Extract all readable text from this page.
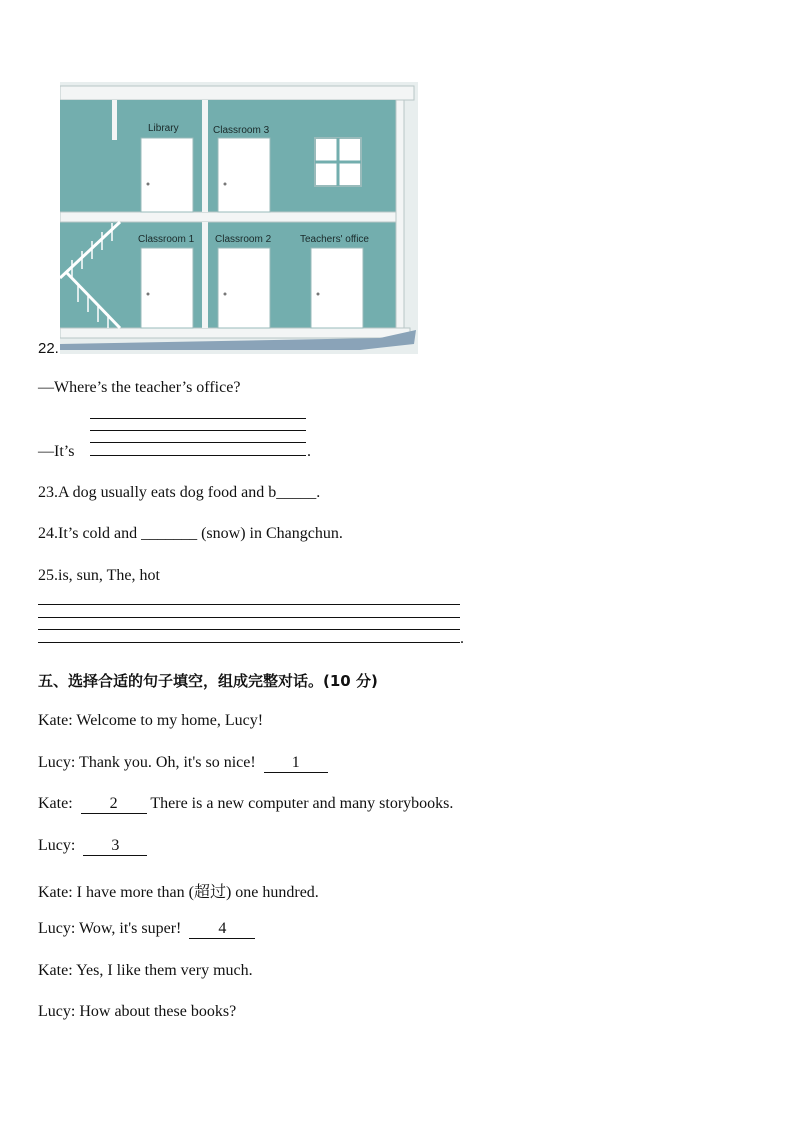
Library	Classroom 3
Classroom 1 Classroom 2	Teachers' office
22.
—Where’s the teacher’s office?
—It’s	.
23.A dog usually eats dog food and b_____.
24.It’s cold and _______ (snow) in Changchun.
25.is, sun, The, hot
.
五、选择合适的句子填空，组成完整对话。(10 分)
Kate: Welcome to my home, Lucy!
Lucy: Thank you. Oh, it's so nice! 1
Kate: 2 There is a new computer and many storybooks.
Lucy: 3
Kate: I have more than (超过) one hundred.
Lucy: Wow, it's super! 4
Kate: Yes, I like them very much.
Lucy: How about these books?
